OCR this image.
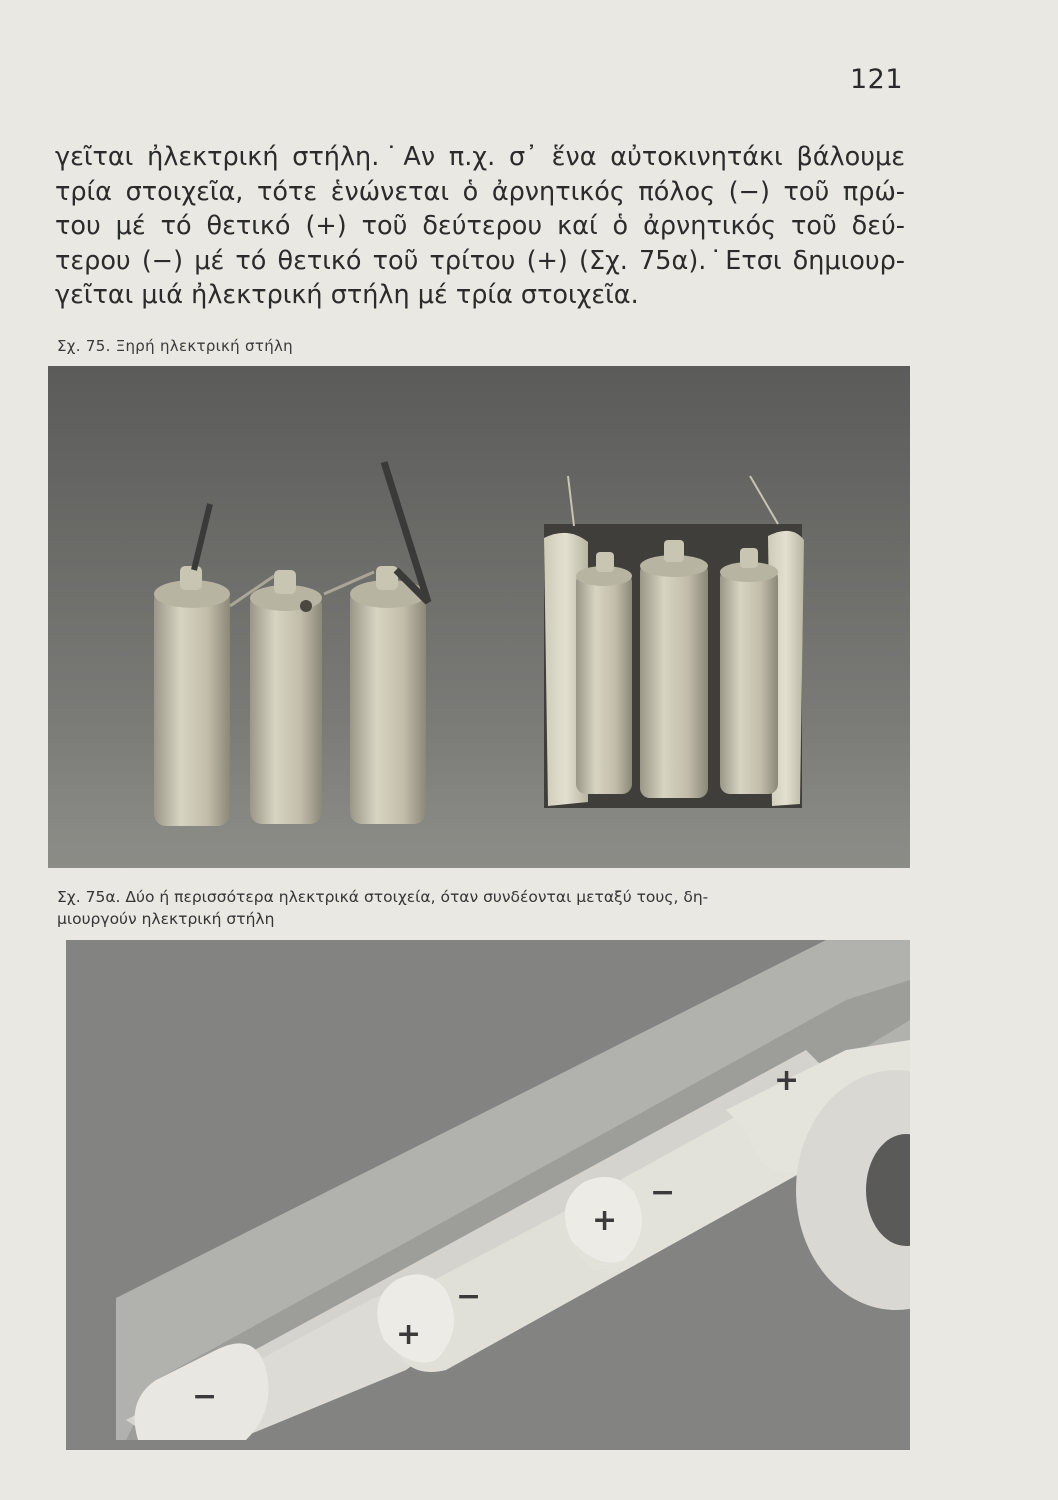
121
γεῖται ἠλεκτρική στήλη.˙Αν π.χ. σ᾽ ἕνα αὐτοκινητάκι βάλουμε
τρία στοιχεῖα, τότε ἑνώνεται ὁ ἀρνητικός πόλος (−) τοῦ πρώ-
του μέ τό θετικό (+) τοῦ δεύτερου καί ὁ ἀρνητικός τοῦ δεύ-
τερου (−) μέ τό θετικό τοῦ τρίτου (+) (Σχ. 75α).˙Ετσι δημιουρ-
γεῖται μιά ἠλεκτρική στήλη μέ τρία στοιχεῖα.
Σχ. 75. Ξηρή ηλεκτρική στήλη
Σχ. 75α. Δύο ή περισσότερα ηλεκτρικά στοιχεία, όταν συνδέονται μεταξύ τους, δη-
μιουργούν ηλεκτρική στήλη
−
+
−
+
−
+
